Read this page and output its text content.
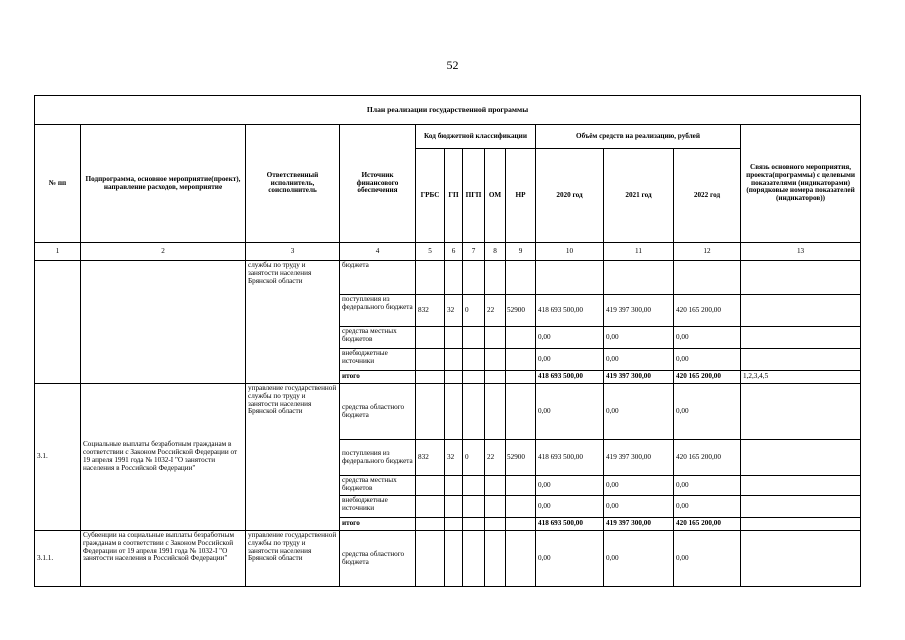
52
План реализации государственной программы												
№ пп	Подпрограмма, основное мероприятие(проект), направление расходов, мероприятие	Ответственный исполнитель, соисполнитель	Источник финансового обеспечения	Код бюджетной классификации					Объём средств на реализацию, рублей			Связь основного мероприятия, проекта(программы) с целевыми показателями (индикаторами) (порядковые номера показателей (индикаторов))
				ГРБС	ГП	ПГП	ОМ	НР	2020 год	2021 год	2022 год	
1	2	3	4	5	6	7	8	9	10	11	12	13
		службы по труду и занятости населения Брянской области	бюджета									
			поступления из федерального бюджета	832	32	0	22	52900	418 693 500,00	419 397 300,00	420 165 200,00	
			средства местных бюджетов						0,00	0,00	0,00	
			внебюджетные источники						0,00	0,00	0,00	
			итого						418 693 500,00	419 397 300,00	420 165 200,00	1,2,3,4,5
3.1.	Социальные выплаты безработным гражданам в соответствии с Законом Российской Федерации от 19 апреля 1991 года № 1032-I "О занятости населения в Российской Федерации"	управление государственной службы по труду и занятости населения Брянской области	средства областного бюджета						0,00	0,00	0,00	
			поступления из федерального бюджета	832	32	0	22	52900	418 693 500,00	419 397 300,00	420 165 200,00	
			средства местных бюджетов						0,00	0,00	0,00	
			внебюджетные источники						0,00	0,00	0,00	
			итого						418 693 500,00	419 397 300,00	420 165 200,00	
3.1.1.	Субвенции на социальные выплаты безработным гражданам в соответствии с Законом Российской Федерации от 19 апреля 1991 года № 1032-I "О занятости населения в Российской Федерации"	управление государственной службы по труду и занятости населения Брянской области	средства областного бюджета						0,00	0,00	0,00	
